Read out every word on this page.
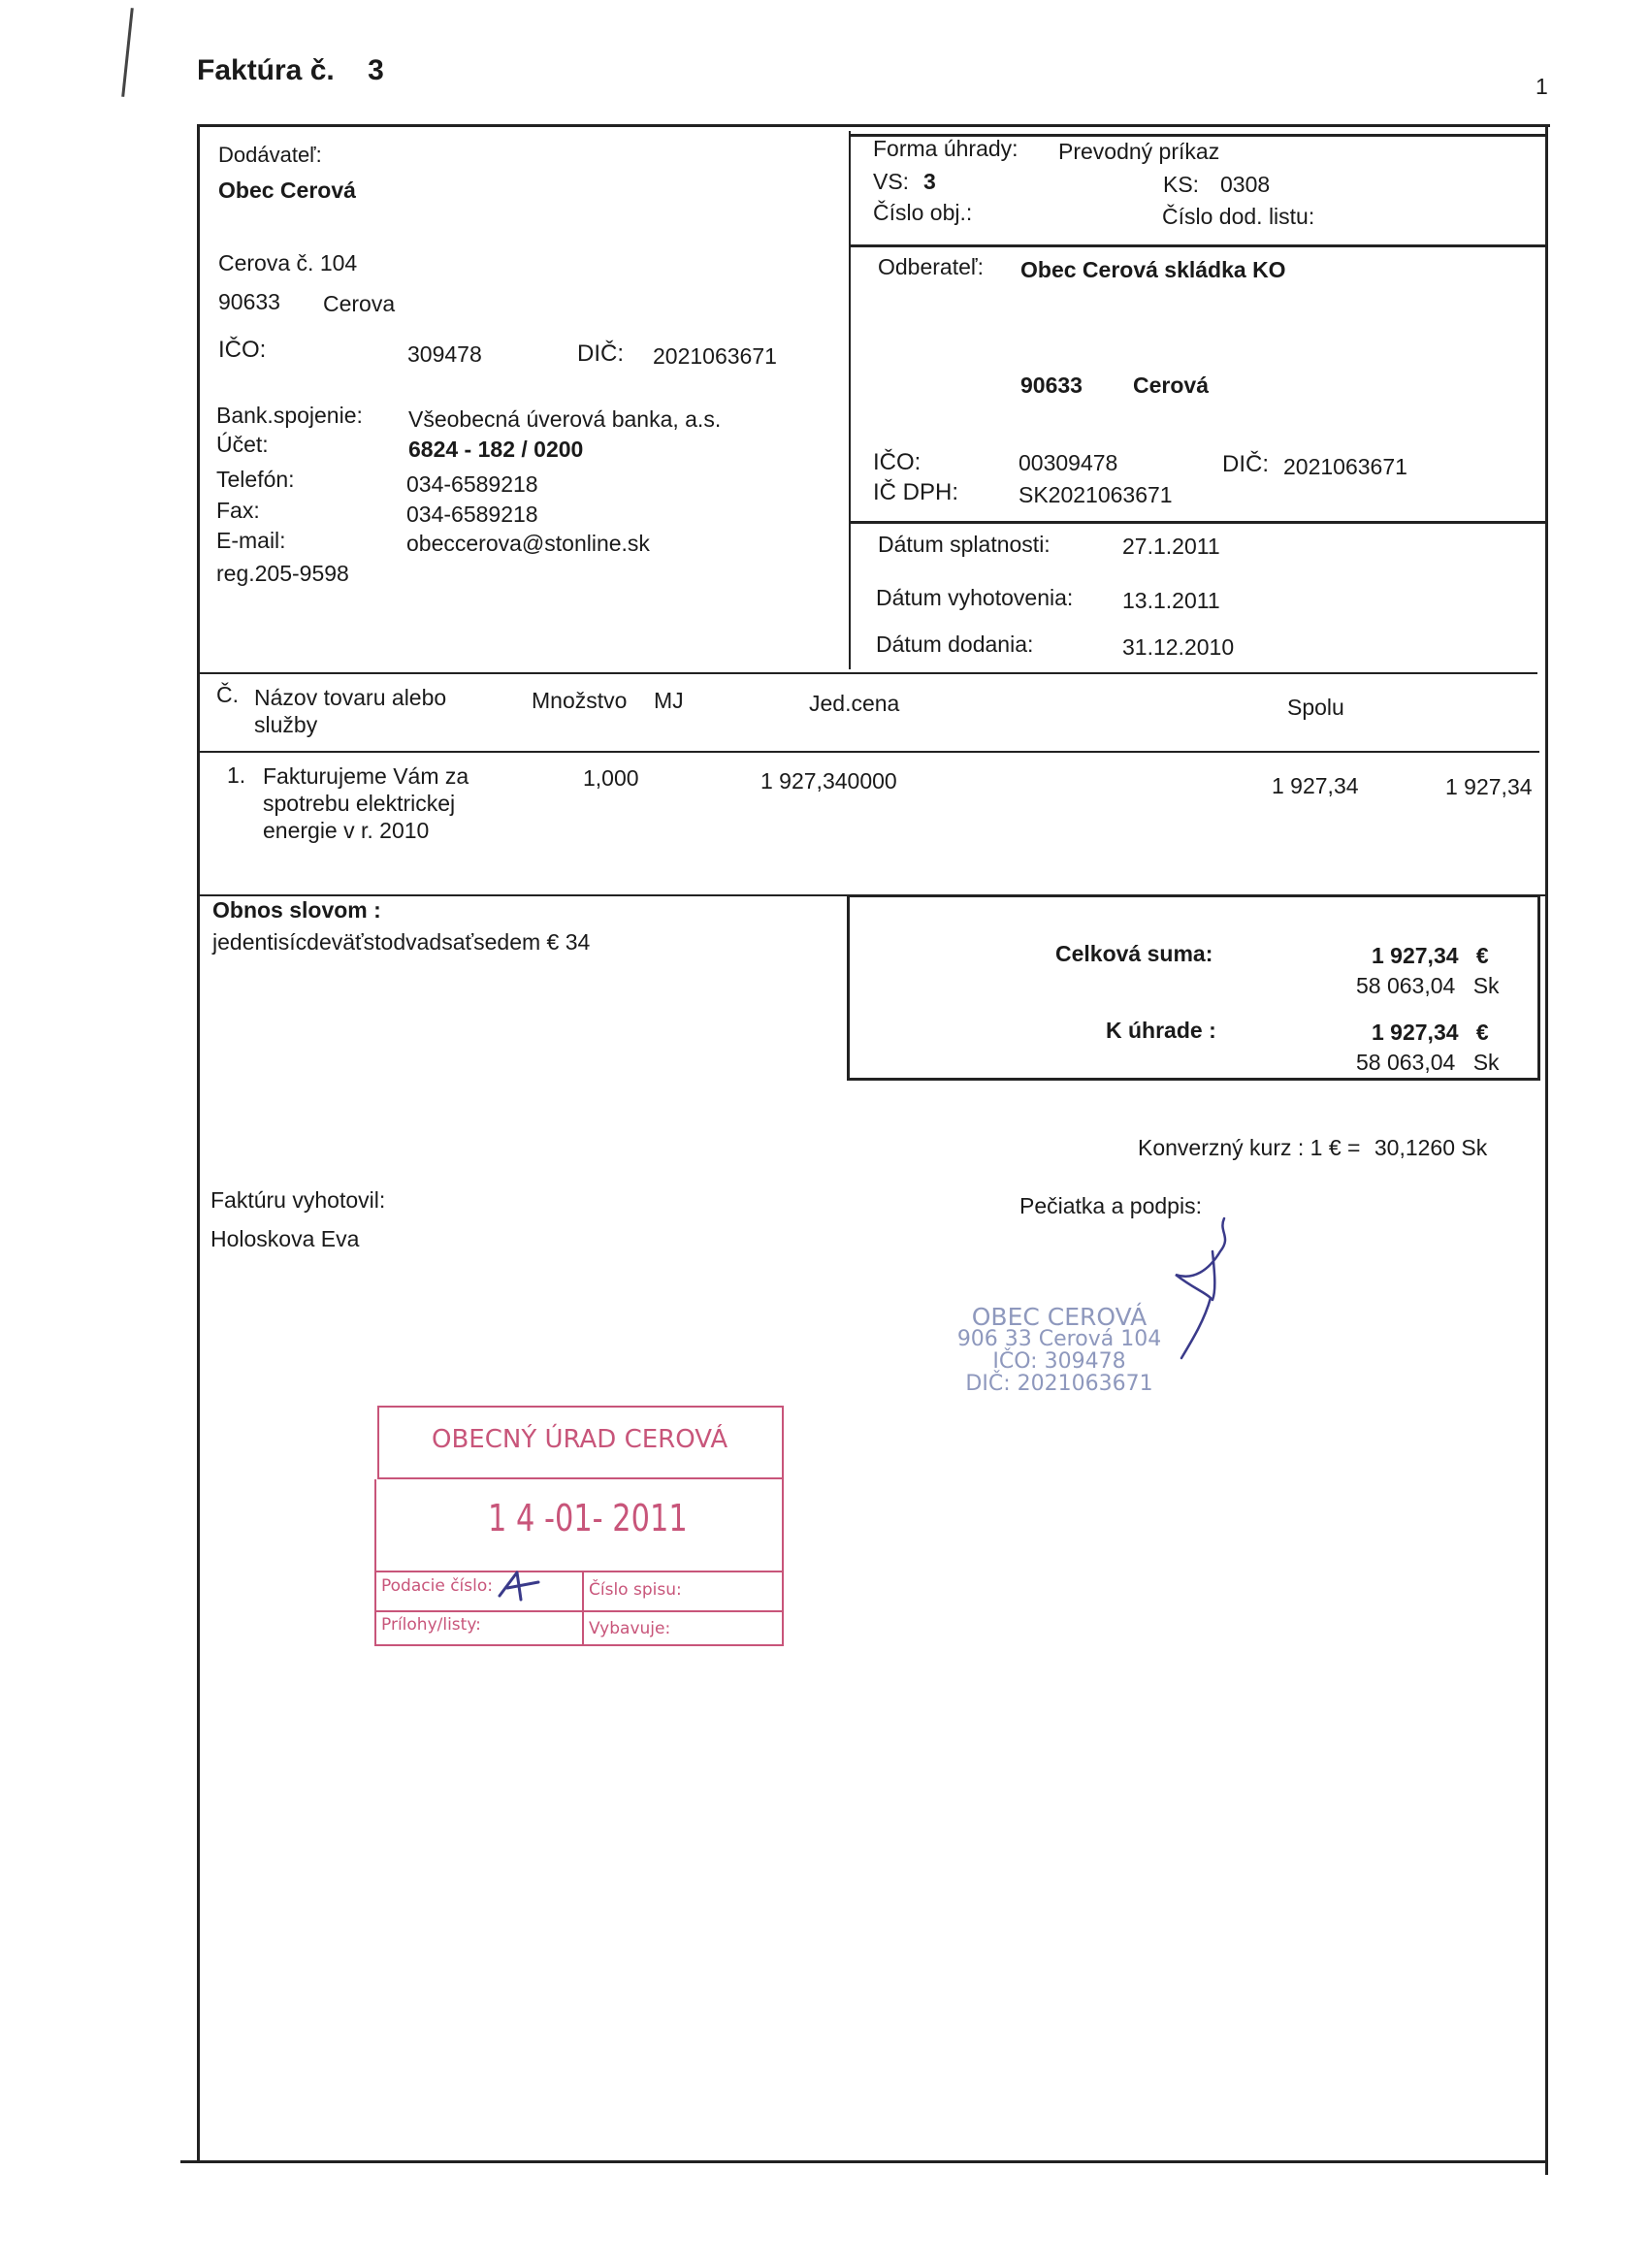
Faktúra č. 3	1
Forma úhrady: Prevodný príkaz
VS: 3	KS: 0308
Číslo obj.:	Číslo dod. listu:
Odberateľ: Obec Cerová skládka KO
90633 Cerová
IČO:	00309478	DIČ: 2021063671
IČ DPH:	SK2021063671
Dátum splatnosti:	27.1.2011
Dátum vyhotovenia: 13.1.2011
Dátum dodania:	31.12.2010
Dodávateľ:
Obec Cerová
Cerova č. 104
90633 Cerova
IČO:	309478	DIČ: 2021063671
Bank.spojenie: Všeobecná úverová banka, a.s.
Účet:	6824 - 182 / 0200
Telefón:	034-6589218
Fax:	034-6589218
E-mail:	obeccerova@stonline.sk
reg.205-9598
Č. Názov tovaru alebo
služby
Množstvo MJ	Jed.cena	Spolu
1. Fakturujeme Vám za
spotrebu elektrickej
energie v r. 2010
1,000	1 927,340000	1 927,34	1 927,34
Obnos slovom :
jedentisícdeväťstodvadsaťsedem € 34	Celková suma:	1 927,34 €
58 063,04 Sk
K úhrade :	1 927,34 €
58 063,04 Sk
Konverzný kurz : 1 € = 30,1260 Sk
Faktúru vyhotovil:
Holoskova Eva
Pečiatka a podpis:
OBEC CEROVÁ
906 33 Cerová 104
IČO: 309478
DIČ: 2021063671
OBECNÝ ÚRAD CEROVÁ
1 4 -01- 2011
Podacie číslo:	Číslo spisu:
Prílohy/listy:	Vybavuje:
